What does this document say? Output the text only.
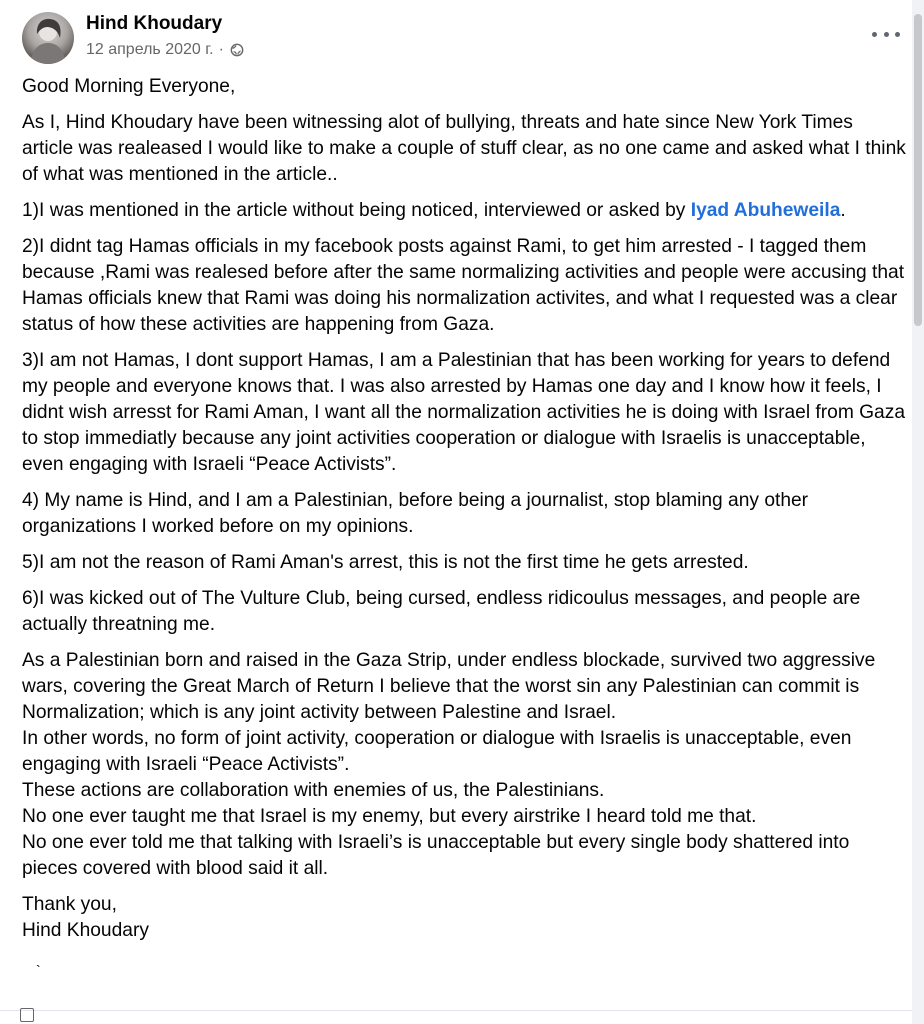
Hind Khoudary
12 апрель 2020 г. ·

Good Morning Everyone,

As I, Hind Khoudary have been witnessing alot of bullying, threats and hate since New York Times article was realeased I would like to make a couple of stuff clear, as no one came and asked what I think of what was mentioned in the article..

1)I was mentioned in the article without being noticed, interviewed or asked by Iyad Abuheweila.

2)I didnt tag Hamas officials in my facebook posts against Rami, to get him arrested - I tagged them because ,Rami was realesed before after the same normalizing activities and people were accusing that Hamas officials knew that Rami was doing his normalization activites, and what I requested was a clear status of how these activities are happening from Gaza.

3)I am not Hamas, I dont support Hamas, I am a Palestinian that has been working for years to defend my people and everyone knows that. I was also arrested by Hamas one day and I know how it feels, I didnt wish arresst for Rami Aman, I want all the normalization activities he is doing with Israel from Gaza to stop immediatly because any joint activities cooperation or dialogue with Israelis is unacceptable, even engaging with Israeli “Peace Activists”.

4) My name is Hind, and I am a Palestinian, before being a journalist, stop blaming any other organizations I worked before on my opinions.

5)I am not the reason of Rami Aman's arrest, this is not the first time he gets arrested.

6)I was kicked out of The Vulture Club, being cursed, endless ridicoulus messages, and people are actually threatning me.

As a Palestinian born and raised in the Gaza Strip, under endless blockade, survived two aggressive wars, covering the Great March of Return I believe that the worst sin any Palestinian can commit is Normalization; which is any joint activity between Palestine and Israel.
In other words, no form of joint activity, cooperation or dialogue with Israelis is unacceptable, even engaging with Israeli “Peace Activists”.
These actions are collaboration with enemies of us, the Palestinians.
No one ever taught me that Israel is my enemy, but every airstrike I heard told me that.
No one ever told me that talking with Israeli’s is unacceptable but every single body shattered into pieces covered with blood said it all.

Thank you,
Hind Khoudary

`
